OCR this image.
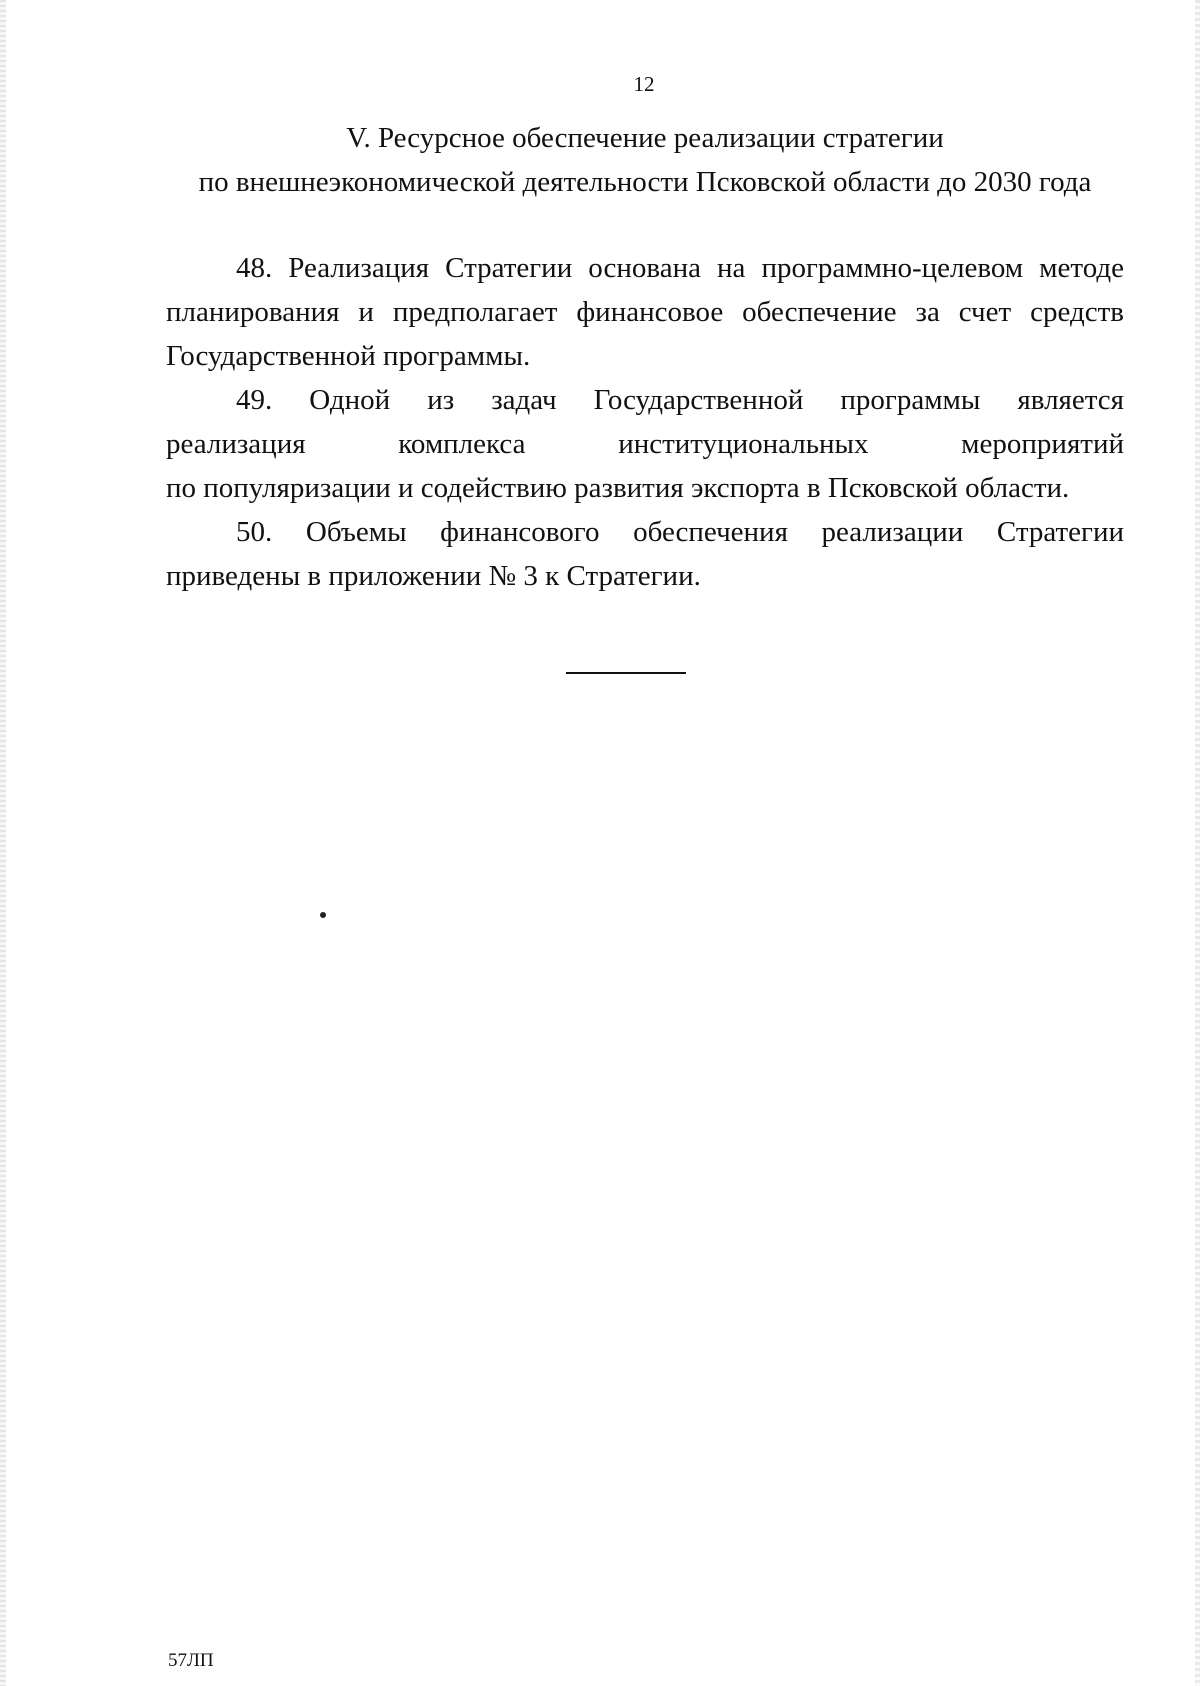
12
V. Ресурсное обеспечение реализации стратегии
по внешнеэкономической деятельности Псковской области до 2030 года
48. Реализация Стратегии основана на программно-целевом методе
планирования и предполагает финансовое обеспечение за счет средств
Государственной программы.
49. Одной из задач Государственной программы является
реализация комплекса институциональных мероприятий
по популяризации и содействию развития экспорта в Псковской области.
50. Объемы финансового обеспечения реализации Стратегии
приведены в приложении № 3 к Стратегии.
57ЛП
